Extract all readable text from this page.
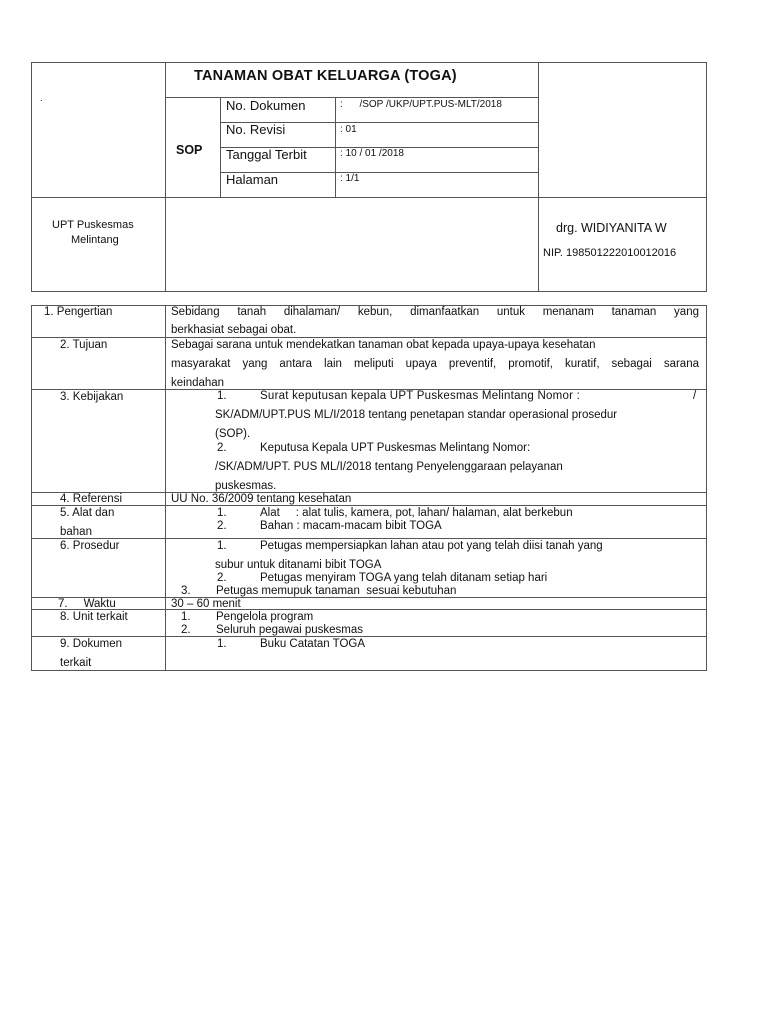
.
TANAMAN OBAT KELUARGA (TOGA)
SOP
No. Dokumen	:      /SOP /UKP/UPT.PUS-MLT/2018
No. Revisi	: 01
Tanggal Terbit	: 10 / 01 /2018
Halaman	: 1/1
UPT Puskesmas
Melintang
drg. WIDIYANITA W
NIP. 198501222010012016
1. Pengertian	Sebidang tanah dihalaman/ kebun, dimanfaatkan untuk menanam tanaman yang
berkhasiat sebagai obat.
2. Tujuan	Sebagai sarana untuk mendekatkan tanaman obat kepada upaya-upaya kesehatan
masyarakat yang antara lain meliputi upaya preventif, promotif, kuratif, sebagai sarana
keindahan
3. Kebijakan	1.	Surat keputusan kepala UPT Puskesmas Melintang Nomor :	/
SK/ADM/UPT.PUS ML/I/2018 tentang penetapan standar operasional prosedur
(SOP).
2.	Keputusa Kepala UPT Puskesmas Melintang Nomor:
/SK/ADM/UPT. PUS ML/I/2018 tentang Penyelenggaraan pelayanan
puskesmas.
4. Referensi	UU No. 36/2009 tentang kesehatan
5. Alat dan
bahan
1.	Alat     : alat tulis, kamera, pot, lahan/ halaman, alat berkebun
2.	Bahan : macam-macam bibit TOGA
6. Prosedur	1.	Petugas mempersiapkan lahan atau pot yang telah diisi tanah yang
subur untuk ditanami bibit TOGA
2.	Petugas menyiram TOGA yang telah ditanam setiap hari
3. Petugas memupuk tanaman  sesuai kebutuhan
7.     Waktu	30 – 60 menit
8. Unit terkait	1. Pengelola program
2. Seluruh pegawai puskesmas
9. Dokumen
terkait
1.	Buku Catatan TOGA
